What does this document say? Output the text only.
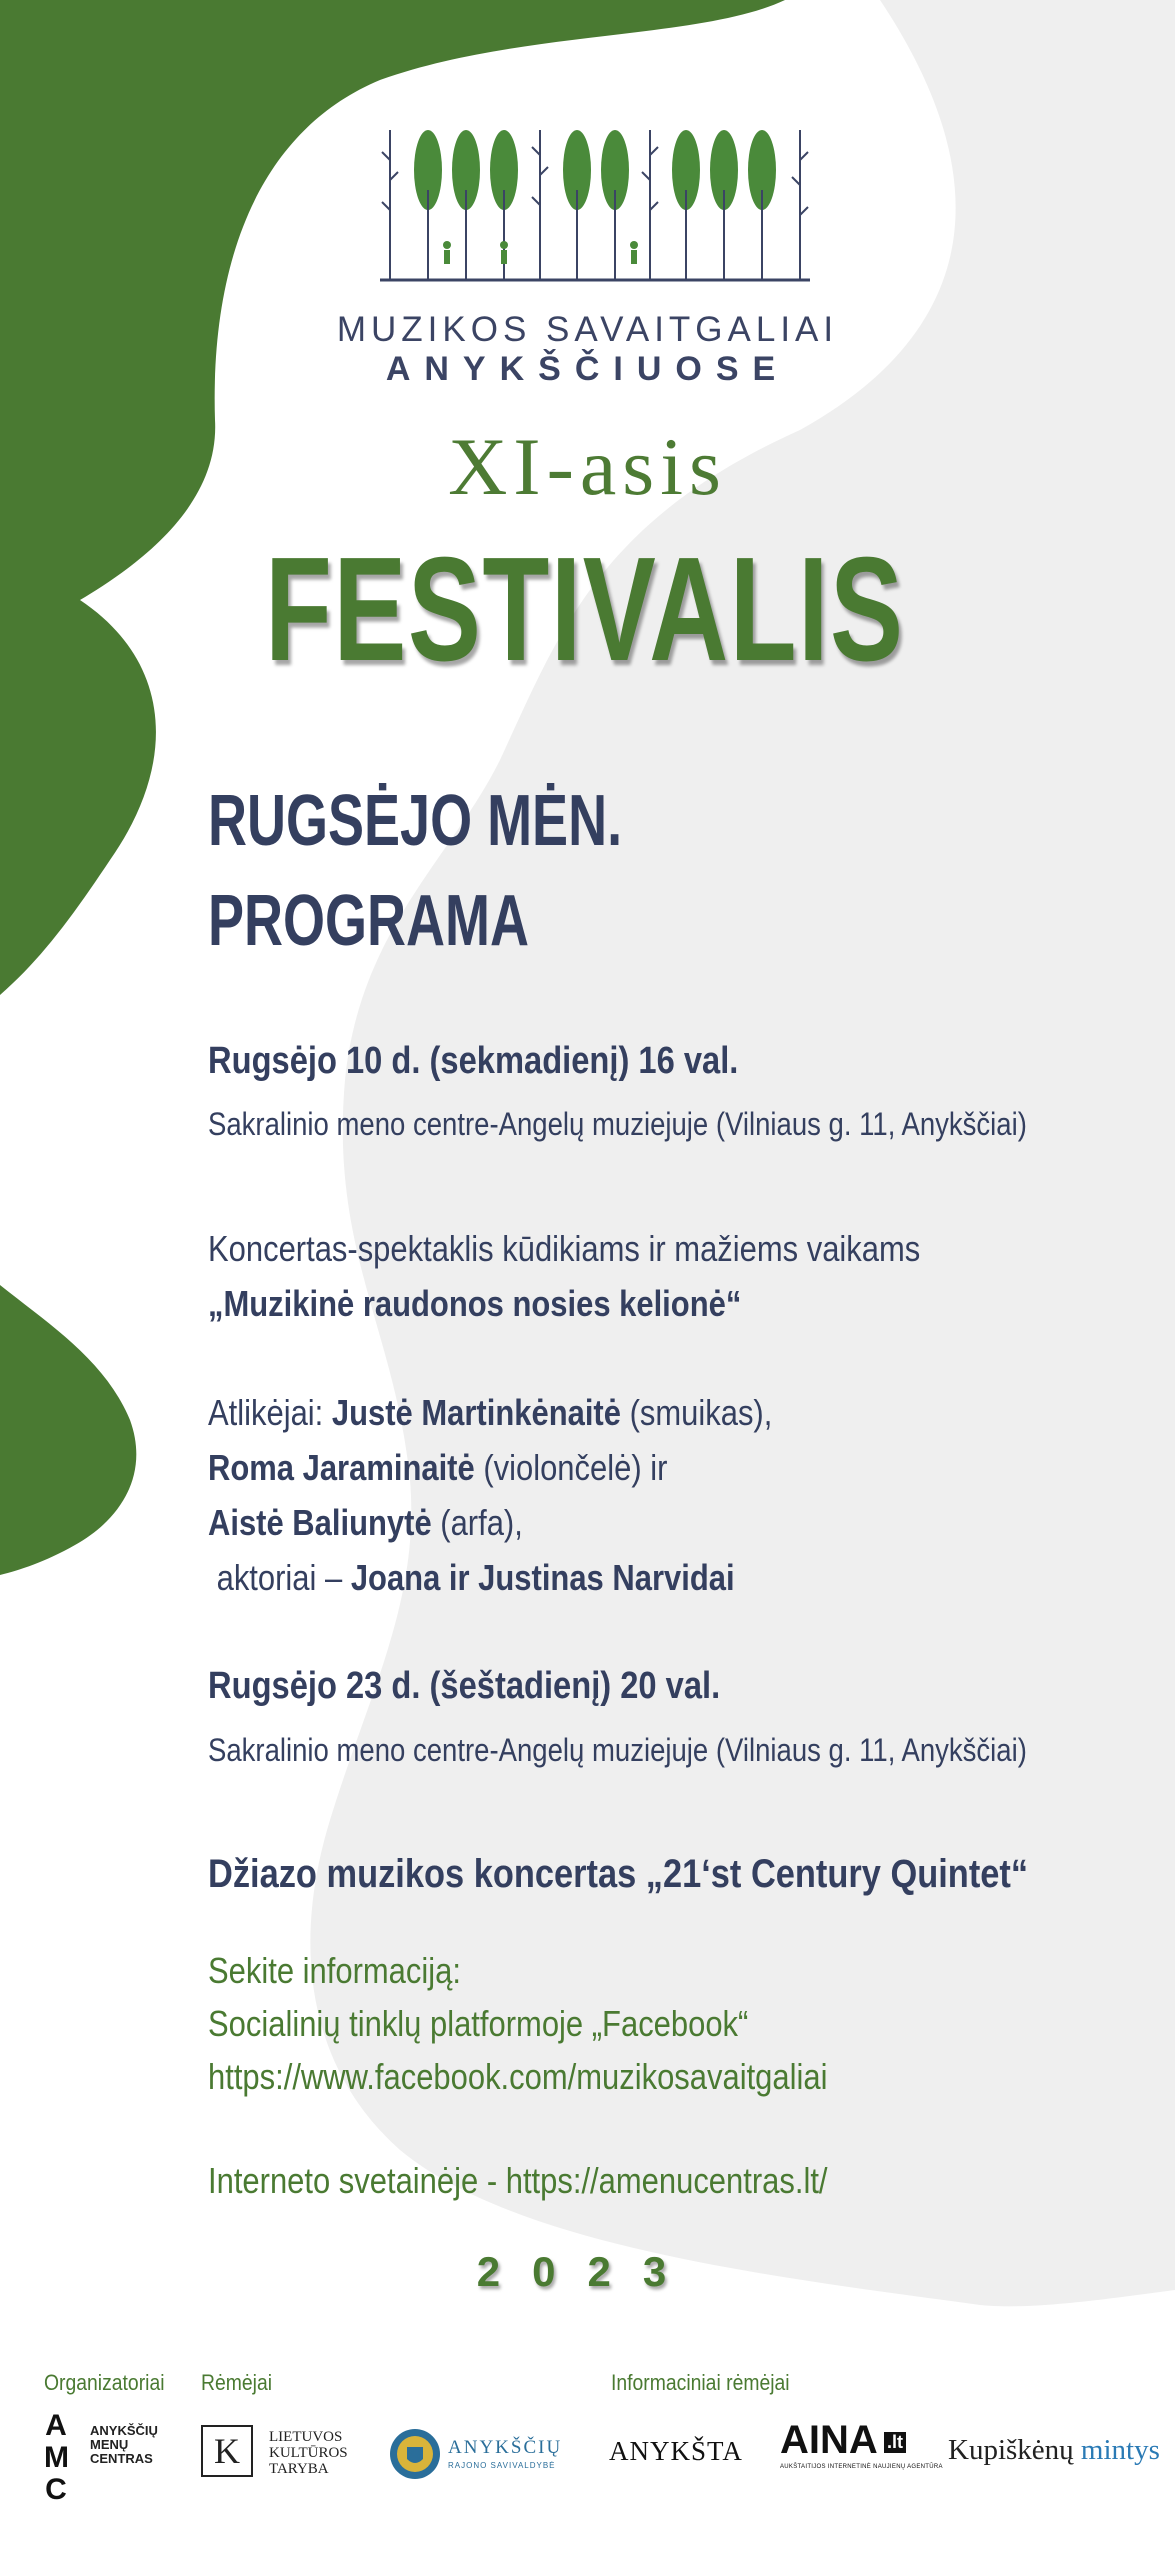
MUZIKOS SAVAITGALIAI
ANYKŠČIUOSE
XI-asis
FESTIVALIS
RUGSĖJO MĖN.
PROGRAMA
Rugsėjo 10 d. (sekmadienį) 16 val.
Sakralinio meno centre-Angelų muziejuje (Vilniaus g. 11, Anykščiai)
Koncertas-spektaklis kūdikiams ir mažiems vaikams
„Muzikinė raudonos nosies kelionė“
Atlikėjai: Justė Martinkėnaitė (smuikas),
Roma Jaraminaitė (violončelė) ir
Aistė Baliunytė (arfa),
aktoriai – Joana ir Justinas Narvidai
Rugsėjo 23 d. (šeštadienį) 20 val.
Sakralinio meno centre-Angelų muziejuje (Vilniaus g. 11, Anykščiai)
Džiazo muzikos koncertas „21‘st Century Quintet“
Sekite informaciją:
Socialinių tinklų platformoje „Facebook“
https://www.facebook.com/muzikosavaitgaliai
Interneto svetainėje - https://amenucentras.lt/
2023
Organizatoriai Rėmėjai	Informaciniai rėmėjai
A
M
C
ANYKŠČIŲ
MENŲ
CENTRAS	K	LIETUVOS
KULTŪROS
TARYBA
ANYKŠČIŲ
RAJONO SAVIVALDYBĖ ANYKŠTA AINA .lt
AUKŠTAITIJOS INTERNETINĖ NAUJIENŲ AGENTŪRA
Kupiškėnų mintys
